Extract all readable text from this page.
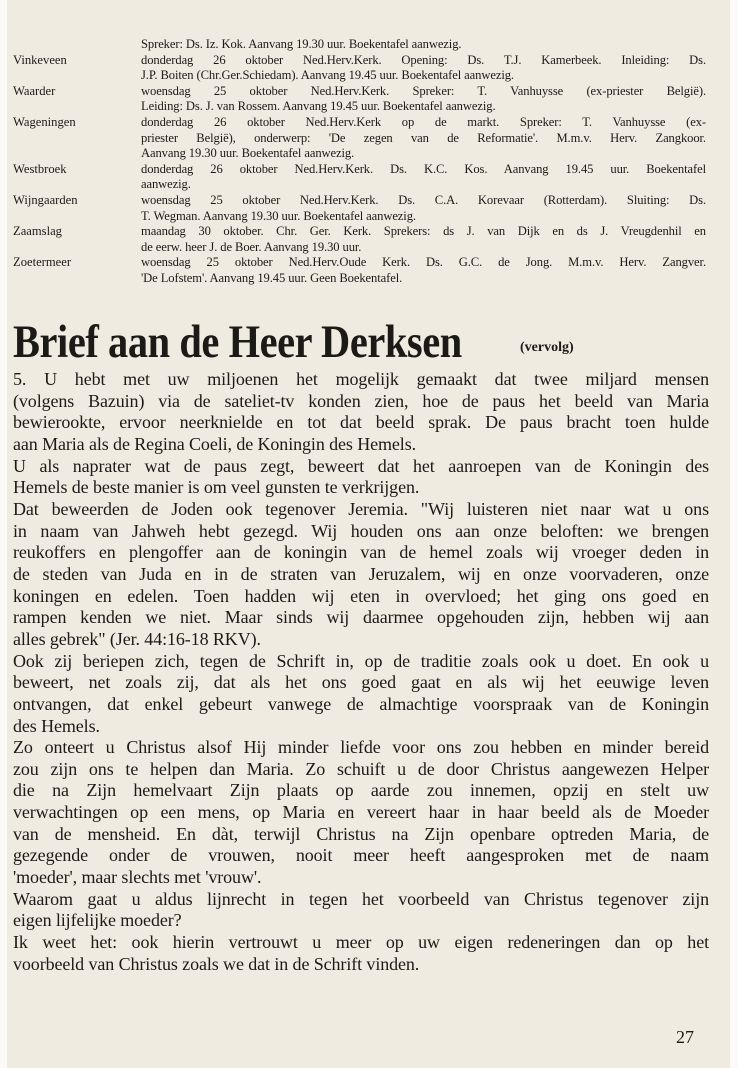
Spreker: Ds. Iz. Kok. Aanvang 19.30 uur. Boekentafel aanwezig.
Vinkeveen	donderdag 26 oktober Ned.Herv.Kerk. Opening: Ds. T.J. Kamerbeek. Inleiding: Ds.
J.P. Boiten (Chr.Ger.Schiedam). Aanvang 19.45 uur. Boekentafel aanwezig.
Waarder	woensdag 25 oktober Ned.Herv.Kerk. Spreker: T. Vanhuysse (ex-priester België).
Leiding: Ds. J. van Rossem. Aanvang 19.45 uur. Boekentafel aanwezig.
Wageningen	donderdag 26 oktober Ned.Herv.Kerk op de markt. Spreker: T. Vanhuysse (ex-
priester België), onderwerp: 'De zegen van de Reformatie'. M.m.v. Herv. Zangkoor.
Aanvang 19.30 uur. Boekentafel aanwezig.
Westbroek	donderdag 26 oktober Ned.Herv.Kerk. Ds. K.C. Kos. Aanvang 19.45 uur. Boekentafel
aanwezig.
Wijngaarden	woensdag 25 oktober Ned.Herv.Kerk. Ds. C.A. Korevaar (Rotterdam). Sluiting: Ds.
T. Wegman. Aanvang 19.30 uur. Boekentafel aanwezig.
Zaamslag	maandag 30 oktober. Chr. Ger. Kerk. Sprekers: ds J. van Dijk en ds J. Vreugdenhil en
de eerw. heer J. de Boer. Aanvang 19.30 uur.
Zoetermeer	woensdag 25 oktober Ned.Herv.Oude Kerk. Ds. G.C. de Jong. M.m.v. Herv. Zangver.
'De Lofstem'. Aanvang 19.45 uur. Geen Boekentafel.
Brief aan de Heer Derksen	(vervolg)
5. U hebt met uw miljoenen het mogelijk gemaakt dat twee miljard mensen
(volgens Bazuin) via de sateliet-tv konden zien, hoe de paus het beeld van Maria
bewierookte, ervoor neerknielde en tot dat beeld sprak. De paus bracht toen hulde
aan Maria als de Regina Coeli, de Koningin des Hemels.
U als naprater wat de paus zegt, beweert dat het aanroepen van de Koningin des
Hemels de beste manier is om veel gunsten te verkrijgen.
Dat beweerden de Joden ook tegenover Jeremia. "Wij luisteren niet naar wat u ons
in naam van Jahweh hebt gezegd. Wij houden ons aan onze beloften: we brengen
reukoffers en plengoffer aan de koningin van de hemel zoals wij vroeger deden in
de steden van Juda en in de straten van Jeruzalem, wij en onze voorvaderen, onze
koningen en edelen. Toen hadden wij eten in overvloed; het ging ons goed en
rampen kenden we niet. Maar sinds wij daarmee opgehouden zijn, hebben wij aan
alles gebrek" (Jer. 44:16-18 RKV).
Ook zij beriepen zich, tegen de Schrift in, op de traditie zoals ook u doet. En ook u
beweert, net zoals zij, dat als het ons goed gaat en als wij het eeuwige leven
ontvangen, dat enkel gebeurt vanwege de almachtige voorspraak van de Koningin
des Hemels.
Zo onteert u Christus alsof Hij minder liefde voor ons zou hebben en minder bereid
zou zijn ons te helpen dan Maria. Zo schuift u de door Christus aangewezen Helper
die na Zijn hemelvaart Zijn plaats op aarde zou innemen, opzij en stelt uw
verwachtingen op een mens, op Maria en vereert haar in haar beeld als de Moeder
van de mensheid. En dàt, terwijl Christus na Zijn openbare optreden Maria, de
gezegende onder de vrouwen, nooit meer heeft aangesproken met de naam
'moeder', maar slechts met 'vrouw'.
Waarom gaat u aldus lijnrecht in tegen het voorbeeld van Christus tegenover zijn
eigen lijfelijke moeder?
Ik weet het: ook hierin vertrouwt u meer op uw eigen redeneringen dan op het
voorbeeld van Christus zoals we dat in de Schrift vinden.
27
